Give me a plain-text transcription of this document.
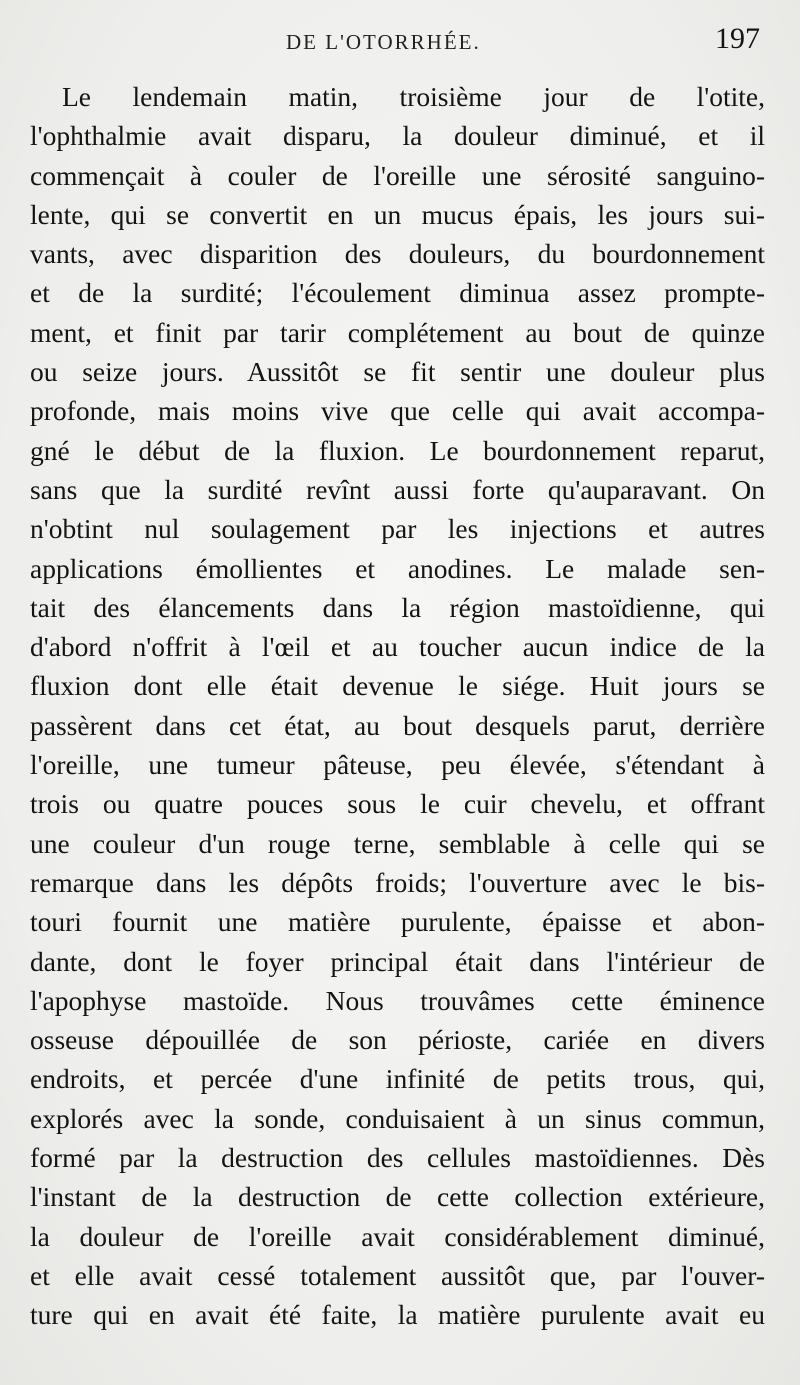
DE L'OTORRHÉE.	197
Le lendemain matin, troisième jour de l'otite,
l'ophthalmie avait disparu, la douleur diminué, et il
commençait à couler de l'oreille une sérosité sanguino-
lente, qui se convertit en un mucus épais, les jours sui-
vants, avec disparition des douleurs, du bourdonnement
et de la surdité; l'écoulement diminua assez prompte-
ment, et finit par tarir complétement au bout de quinze
ou seize jours. Aussitôt se fit sentir une douleur plus
profonde, mais moins vive que celle qui avait accompa-
gné le début de la fluxion. Le bourdonnement reparut,
sans que la surdité revînt aussi forte qu'auparavant. On
n'obtint nul soulagement par les injections et autres
applications émollientes et anodines. Le malade sen-
tait des élancements dans la région mastoïdienne, qui
d'abord n'offrit à l'œil et au toucher aucun indice de la
fluxion dont elle était devenue le siége. Huit jours se
passèrent dans cet état, au bout desquels parut, derrière
l'oreille, une tumeur pâteuse, peu élevée, s'étendant à
trois ou quatre pouces sous le cuir chevelu, et offrant
une couleur d'un rouge terne, semblable à celle qui se
remarque dans les dépôts froids; l'ouverture avec le bis-
touri fournit une matière purulente, épaisse et abon-
dante, dont le foyer principal était dans l'intérieur de
l'apophyse mastoïde. Nous trouvâmes cette éminence
osseuse dépouillée de son périoste, cariée en divers
endroits, et percée d'une infinité de petits trous, qui,
explorés avec la sonde, conduisaient à un sinus commun,
formé par la destruction des cellules mastoïdiennes. Dès
l'instant de la destruction de cette collection extérieure,
la douleur de l'oreille avait considérablement diminué,
et elle avait cessé totalement aussitôt que, par l'ouver-
ture qui en avait été faite, la matière purulente avait eu
